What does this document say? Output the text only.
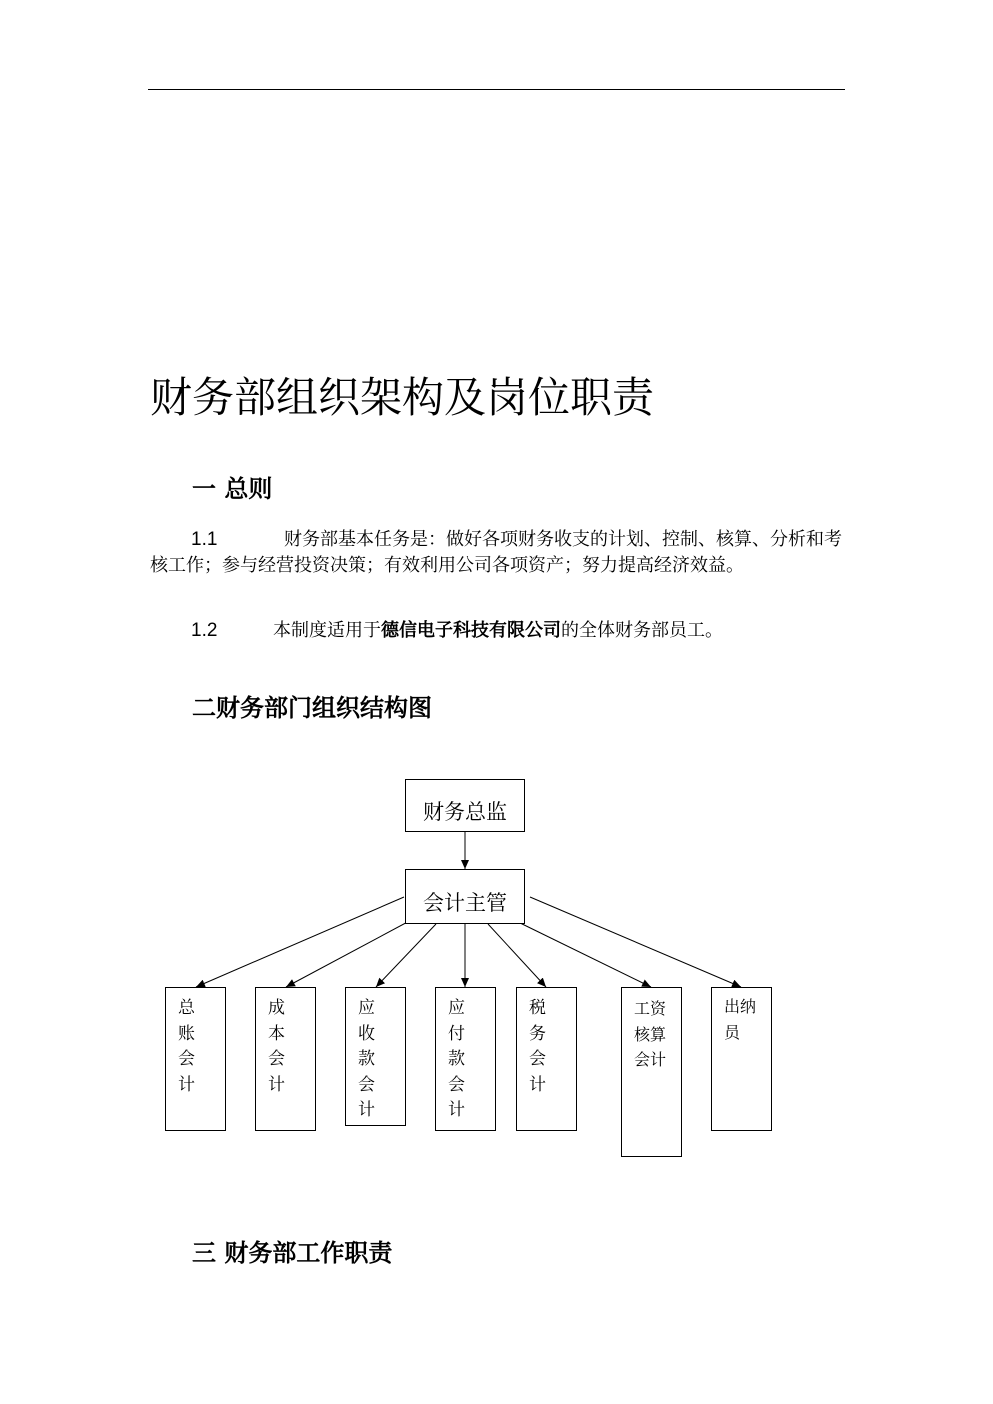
财务部组织架构及岗位职责
一 总则
1.1	财务部基本任务是：做好各项财务收支的计划、控制、核算、分析和考核工作；参与经营投资决策；有效利用公司各项资产；努力提高经济效益。
1.2	本制度适用于德信电子科技有限公司的全体财务部员工。
二财务部门组织结构图
财务总监
会计主管
总账会计
成本会计
应收款会计
应付款会计
税务会计
工资核算会计
出纳员
三 财务部工作职责
